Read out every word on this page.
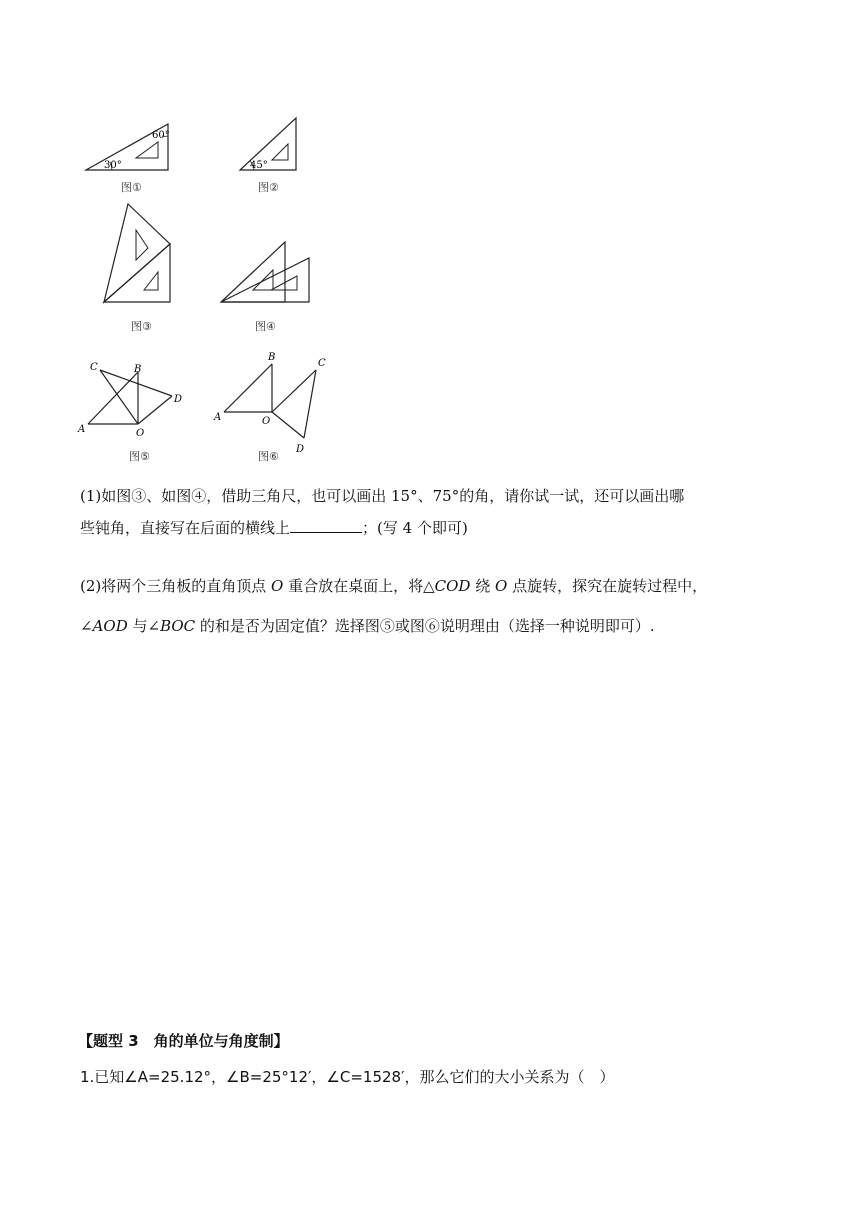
30°
60°
图①
45°
图②
图③	图④
C	B
D
A	O
图⑤
B
C
A	O
D
图⑥
(1)如图③、如图④，借助三角尺，也可以画出 15°、75°的角，请你试一试，还可以画出哪
些钝角，直接写在后面的横线上	；(写 4 个即可)
(2)将两个三角板的直角顶点 O 重合放在桌面上，将△COD 绕 O 点旋转，探究在旋转过程中，
∠AOD 与∠BOC 的和是否为固定值？选择图⑤或图⑥说明理由（选择一种说明即可）.
【题型 3　角的单位与角度制】
1.已知∠A=25.12°，∠B=25°12′，∠C=1528′，那么它们的大小关系为（　）
